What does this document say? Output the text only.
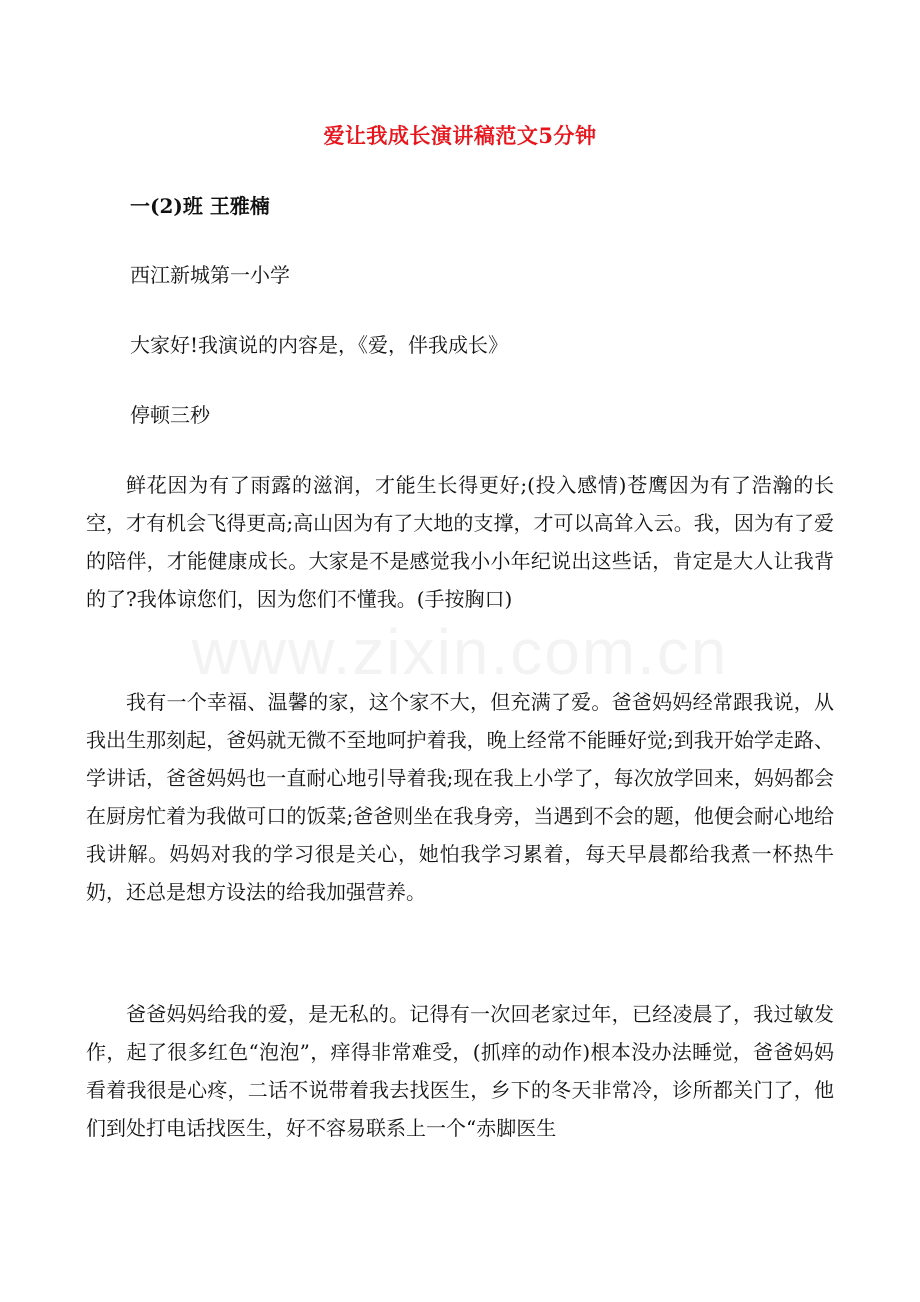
www.zixin.com.cn
爱让我成长演讲稿范文5分钟
一(2)班 王雅楠
西江新城第一小学
大家好!我演说的内容是，《爱，伴我成长》
停顿三秒

鲜花因为有了雨露的滋润，才能生长得更好;(投入感情)苍鹰因为有了浩瀚的长空，才有机会飞得更高;高山因为有了大地的支撑，才可以高耸入云。我，因为有了爱的陪伴，才能健康成长。大家是不是感觉我小小年纪说出这些话，肯定是大人让我背的了?我体谅您们，因为您们不懂我。(手按胸口)

我有一个幸福、温馨的家，这个家不大，但充满了爱。爸爸妈妈经常跟我说，从我出生那刻起，爸妈就无微不至地呵护着我，晚上经常不能睡好觉;到我开始学走路、学讲话，爸爸妈妈也一直耐心地引导着我;现在我上小学了，每次放学回来，妈妈都会在厨房忙着为我做可口的饭菜;爸爸则坐在我身旁，当遇到不会的题，他便会耐心地给我讲解。妈妈对我的学习很是关心，她怕我学习累着，每天早晨都给我煮一杯热牛奶，还总是想方设法的给我加强营养。

爸爸妈妈给我的爱，是无私的。记得有一次回老家过年，已经凌晨了，我过敏发作，起了很多红色“泡泡”，痒得非常难受，(抓痒的动作)根本没办法睡觉，爸爸妈妈看着我很是心疼，二话不说带着我去找医生，乡下的冬天非常冷，诊所都关门了，他们到处打电话找医生，好不容易联系上一个“赤脚医生
